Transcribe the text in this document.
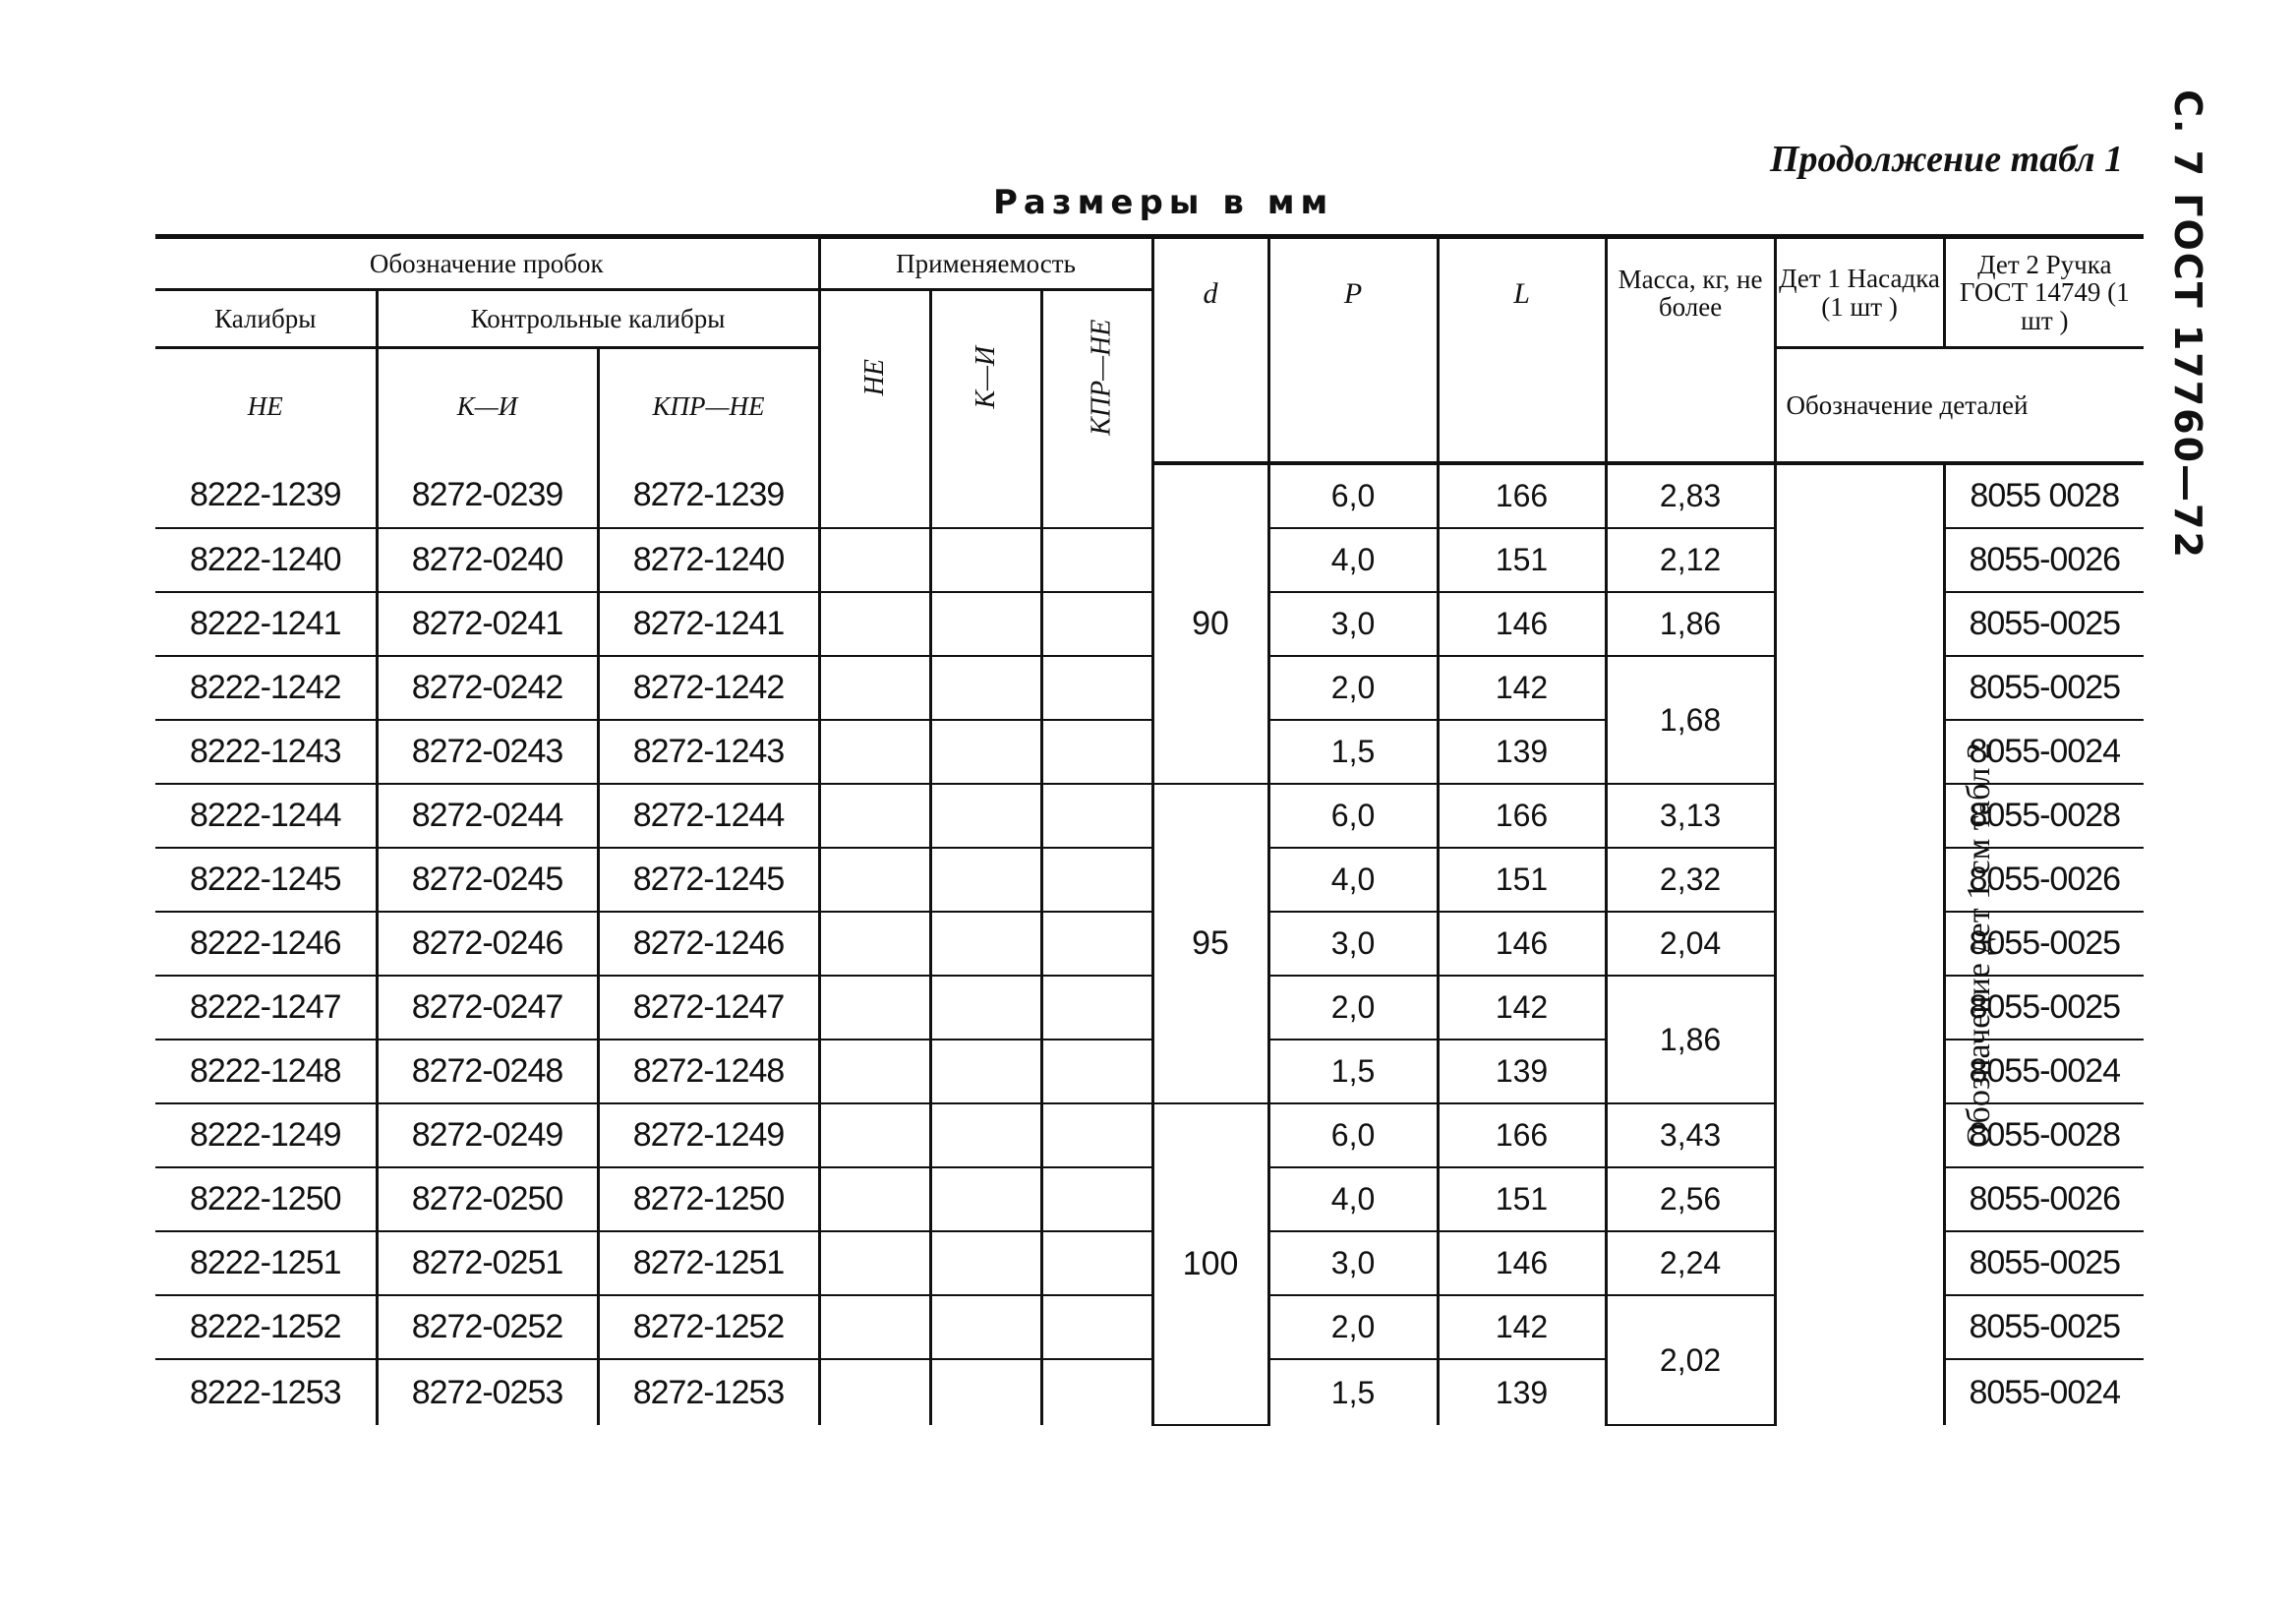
С. 7 ГОСТ 17760—72
Продолжение табл 1
Размеры в мм
Обозначение пробок			Применяемость			d	P	L	Масса, кг, не более	Дет 1 Насадка (1 шт )	Дет 2 Ручка ГОСТ 14749 (1 шт )
Калибры	Контрольные калибры		НЕ	К—И	КПР—НЕ						
НЕ	К—И	КПР—НЕ									
										Обозначение деталей	
8222-1239	8272-0239	8272-1239				90	6,0	166	2,83	Обозначение дет 1 см табл 2	8055 0028
8222-1240	8272-0240	8272-1240					4,0	151	2,12		8055-0026
8222-1241	8272-0241	8272-1241					3,0	146	1,86		8055-0025
8222-1242	8272-0242	8272-1242					2,0	142	1,68		8055-0025
8222-1243	8272-0243	8272-1243					1,5	139			8055-0024
8222-1244	8272-0244	8272-1244				95	6,0	166	3,13		8055-0028
8222-1245	8272-0245	8272-1245					4,0	151	2,32		8055-0026
8222-1246	8272-0246	8272-1246					3,0	146	2,04		8055-0025
8222-1247	8272-0247	8272-1247					2,0	142	1,86		8055-0025
8222-1248	8272-0248	8272-1248					1,5	139			8055-0024
8222-1249	8272-0249	8272-1249				100	6,0	166	3,43		8055-0028
8222-1250	8272-0250	8272-1250					4,0	151	2,56		8055-0026
8222-1251	8272-0251	8272-1251					3,0	146	2,24		8055-0025
8222-1252	8272-0252	8272-1252					2,0	142	2,02		8055-0025
8222-1253	8272-0253	8272-1253					1,5	139			8055-0024
